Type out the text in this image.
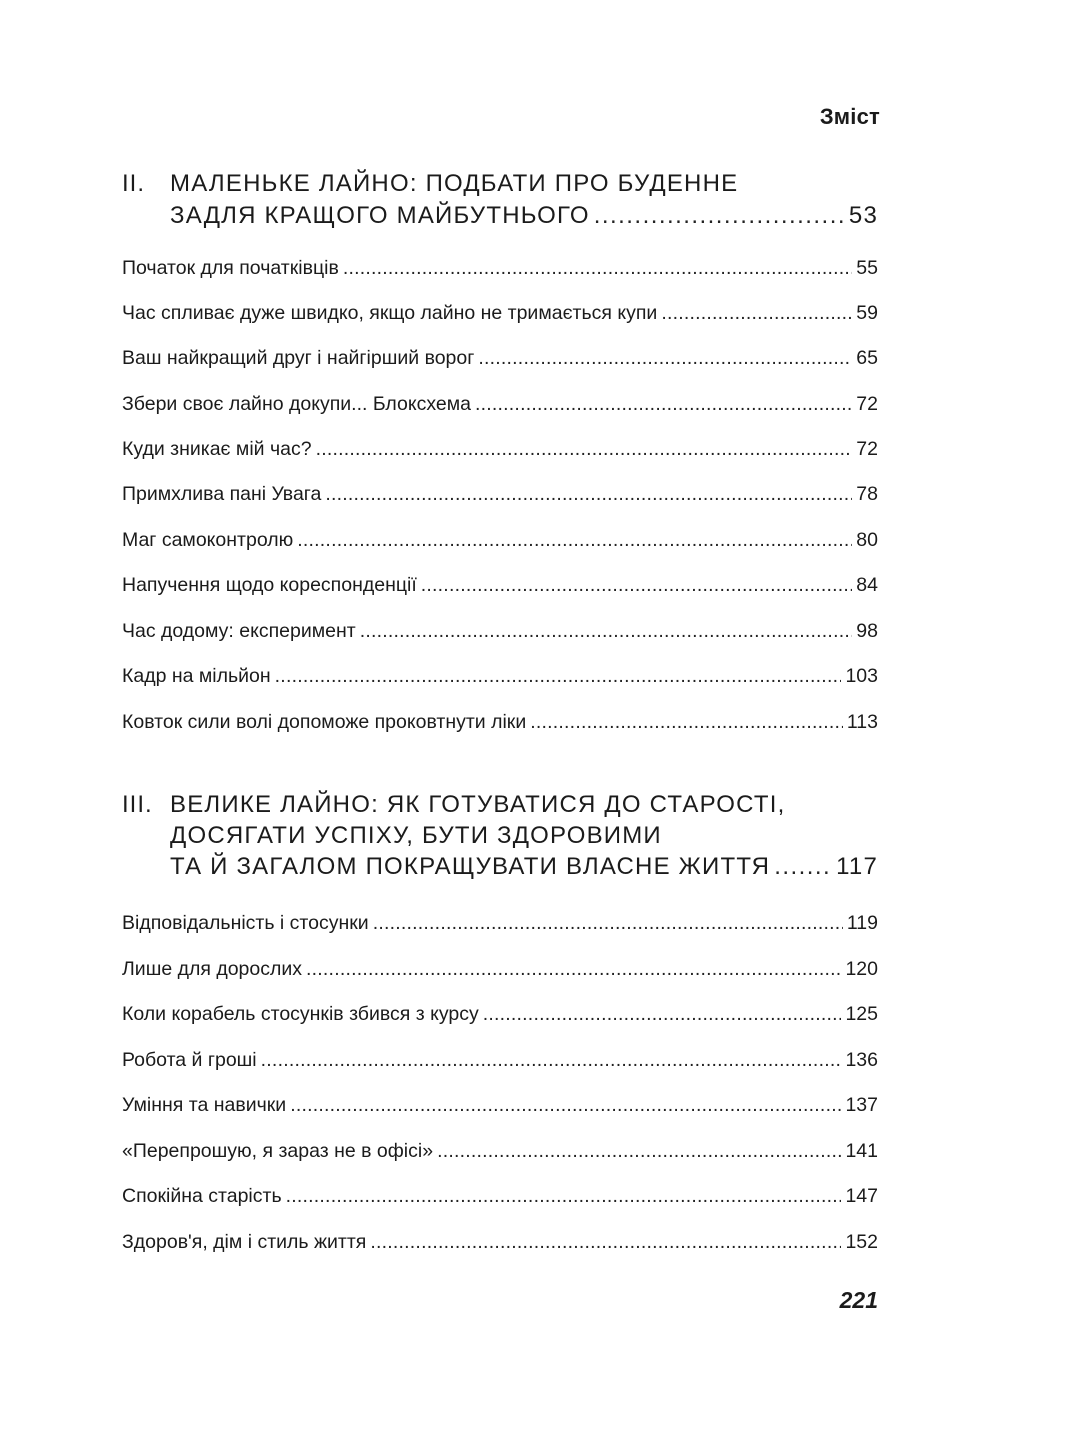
Зміст
II. МАЛЕНЬКЕ ЛАЙНО: ПОДБАТИ ПРО БУДЕННЕ
ЗАДЛЯ КРАЩОГО МАЙБУТНЬОГО . . .	53
Початок для початківців . . .	55
Час спливає дуже швидко, якщо лайно не тримається купи . . .	59
Ваш найкращий друг і найгірший ворог . . .	65
Збери своє лайно докупи... Блоксхема . . .	72
Куди зникає мій час? . . .	72
Примхлива пані Увага . . .	78
Маг самоконтролю . . .	80
Напучення щодо кореспонденції . . .	84
Час додому: експеримент . . .	98
Кадр на мільйон . . .	103
Ковток сили волі допоможе проковтнути ліки . . .	113
III. ВЕЛИКЕ ЛАЙНО: ЯК ГОТУВАТИСЯ ДО СТАРОСТІ,
ДОСЯГАТИ УСПІХУ, БУТИ ЗДОРОВИМИ
ТА Й ЗАГАЛОМ ПОКРАЩУВАТИ ВЛАСНЕ ЖИТТЯ . . .	117
Відповідальність і стосунки . . .	119
Лише для дорослих . . .	120
Коли корабель стосунків збився з курсу . . .	125
Робота й гроші . . .	136
Уміння та навички . . .	137
«Перепрошую, я зараз не в офісі» . . .	141
Спокійна старість . . .	147
Здоров'я, дім і стиль життя . . .	152
221
